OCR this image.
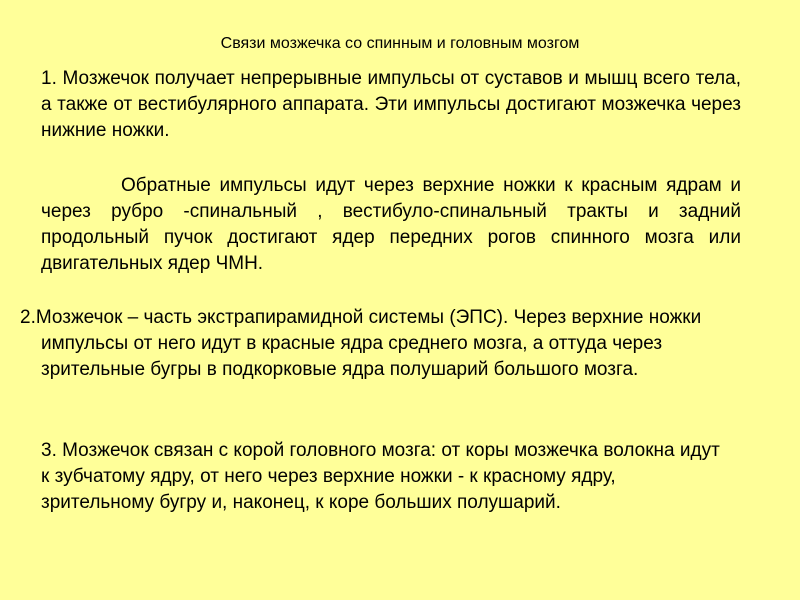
Связи мозжечка со спинным и головным мозгом

1. Мозжечок получает непрерывные импульсы от суставов и мышц всего тела, а также от вестибулярного аппарата. Эти импульсы достигают мозжечка через нижние ножки.

Обратные импульсы идут через верхние ножки к красным ядрам и через рубро -спинальный , вестибуло-спинальный тракты и задний продольный пучок достигают ядер передних рогов спинного мозга или двигательных ядер ЧМН.

2.Мозжечок – часть экстрапирамидной системы (ЭПС). Через верхние ножки импульсы от него идут в красные ядра среднего мозга, а оттуда через зрительные бугры в подкорковые ядра полушарий большого мозга.

3. Мозжечок связан с корой головного мозга: от коры мозжечка волокна идут к зубчатому ядру, от него через верхние ножки - к красному ядру, зрительному бугру и, наконец, к коре больших полушарий.
